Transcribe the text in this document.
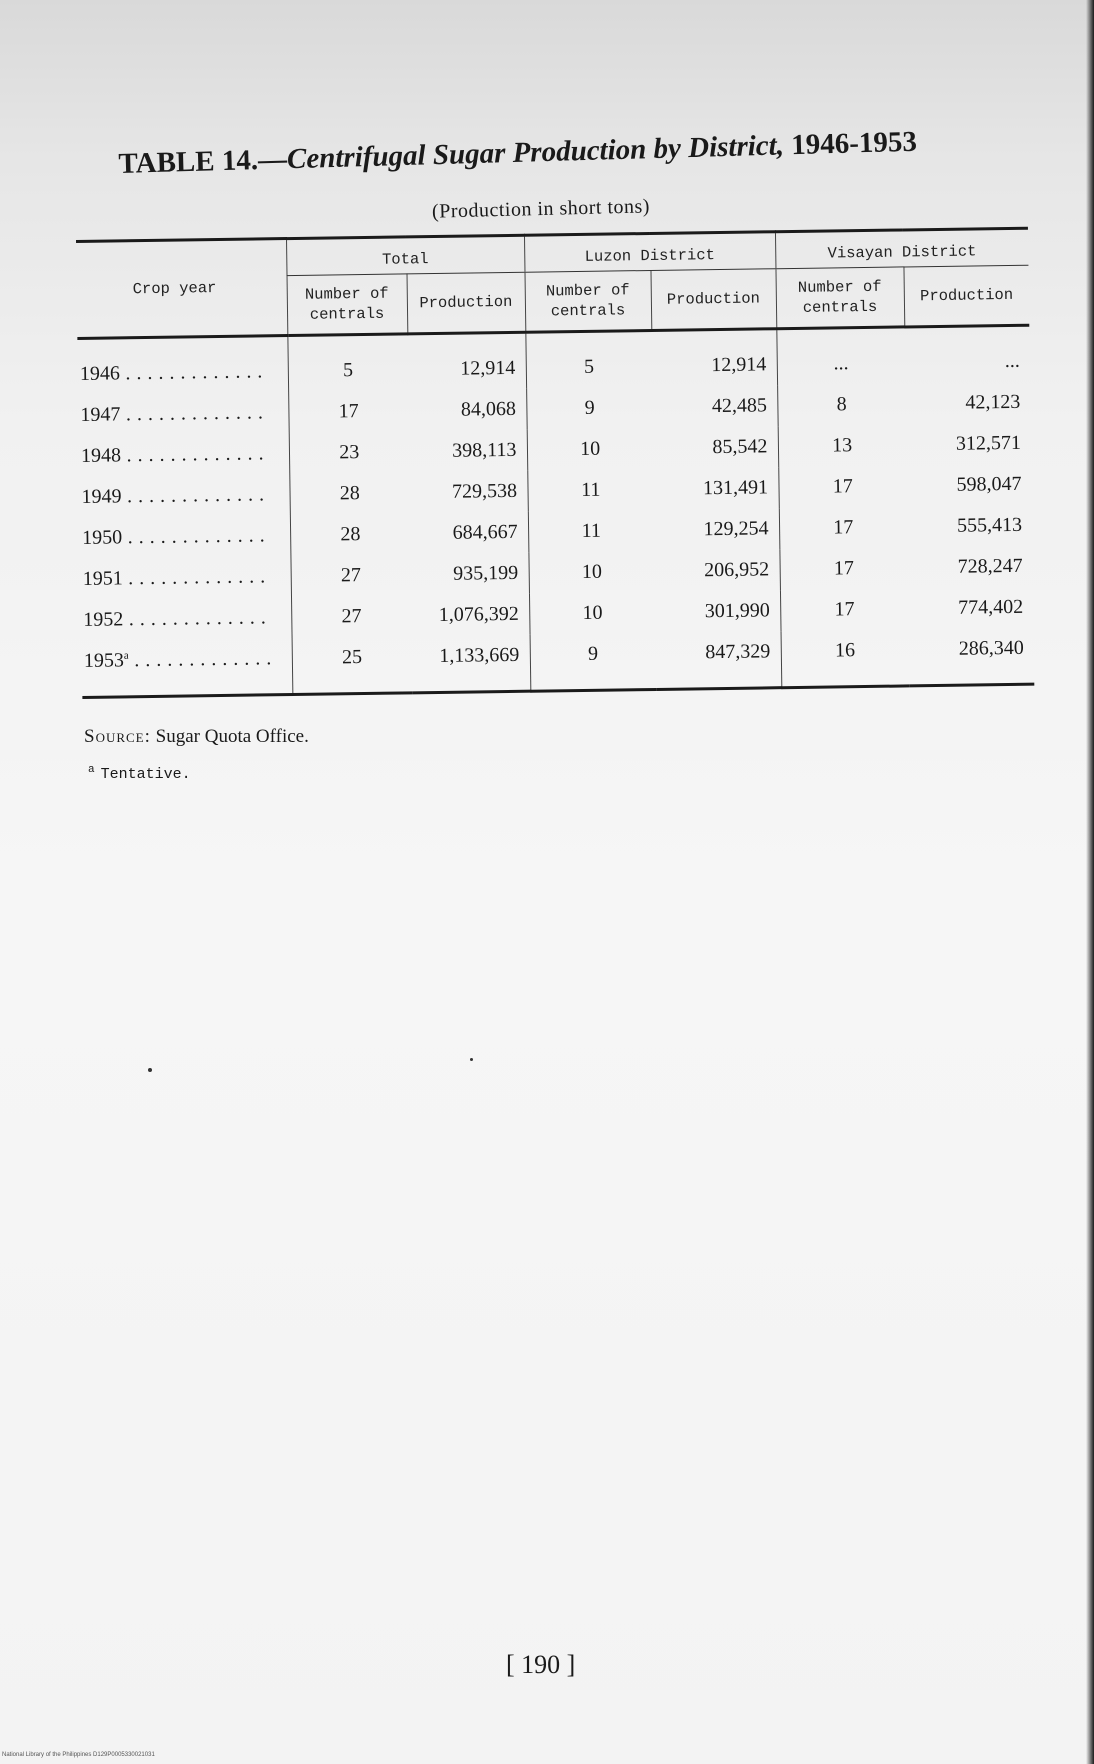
TABLE 14.—Centrifugal Sugar Production by District, 1946-1953
(Production in short tons)
Crop year	Total		Luzon District		Visayan District	
	Number of centrals	Production	Number of centrals	Production	Number of centrals	Production
1946 . . . . . . . . . . . . .	5	12,914	5	12,914	...	...
1947 . . . . . . . . . . . . .	17	84,068	9	42,485	8	42,123
1948 . . . . . . . . . . . . .	23	398,113	10	85,542	13	312,571
1949 . . . . . . . . . . . . .	28	729,538	11	131,491	17	598,047
1950 . . . . . . . . . . . . .	28	684,667	11	129,254	17	555,413
1951 . . . . . . . . . . . . .	27	935,199	10	206,952	17	728,247
1952 . . . . . . . . . . . . .	27	1,076,392	10	301,990	17	774,402
1953$^a$ . . . . . . . . . . . . .	25	1,133,669	9	847,329	16	286,340
Source: Sugar Quota Office.
$^a$ Tentative.
[ 190 ]
National Library of the Philippines D129P0005330021031
